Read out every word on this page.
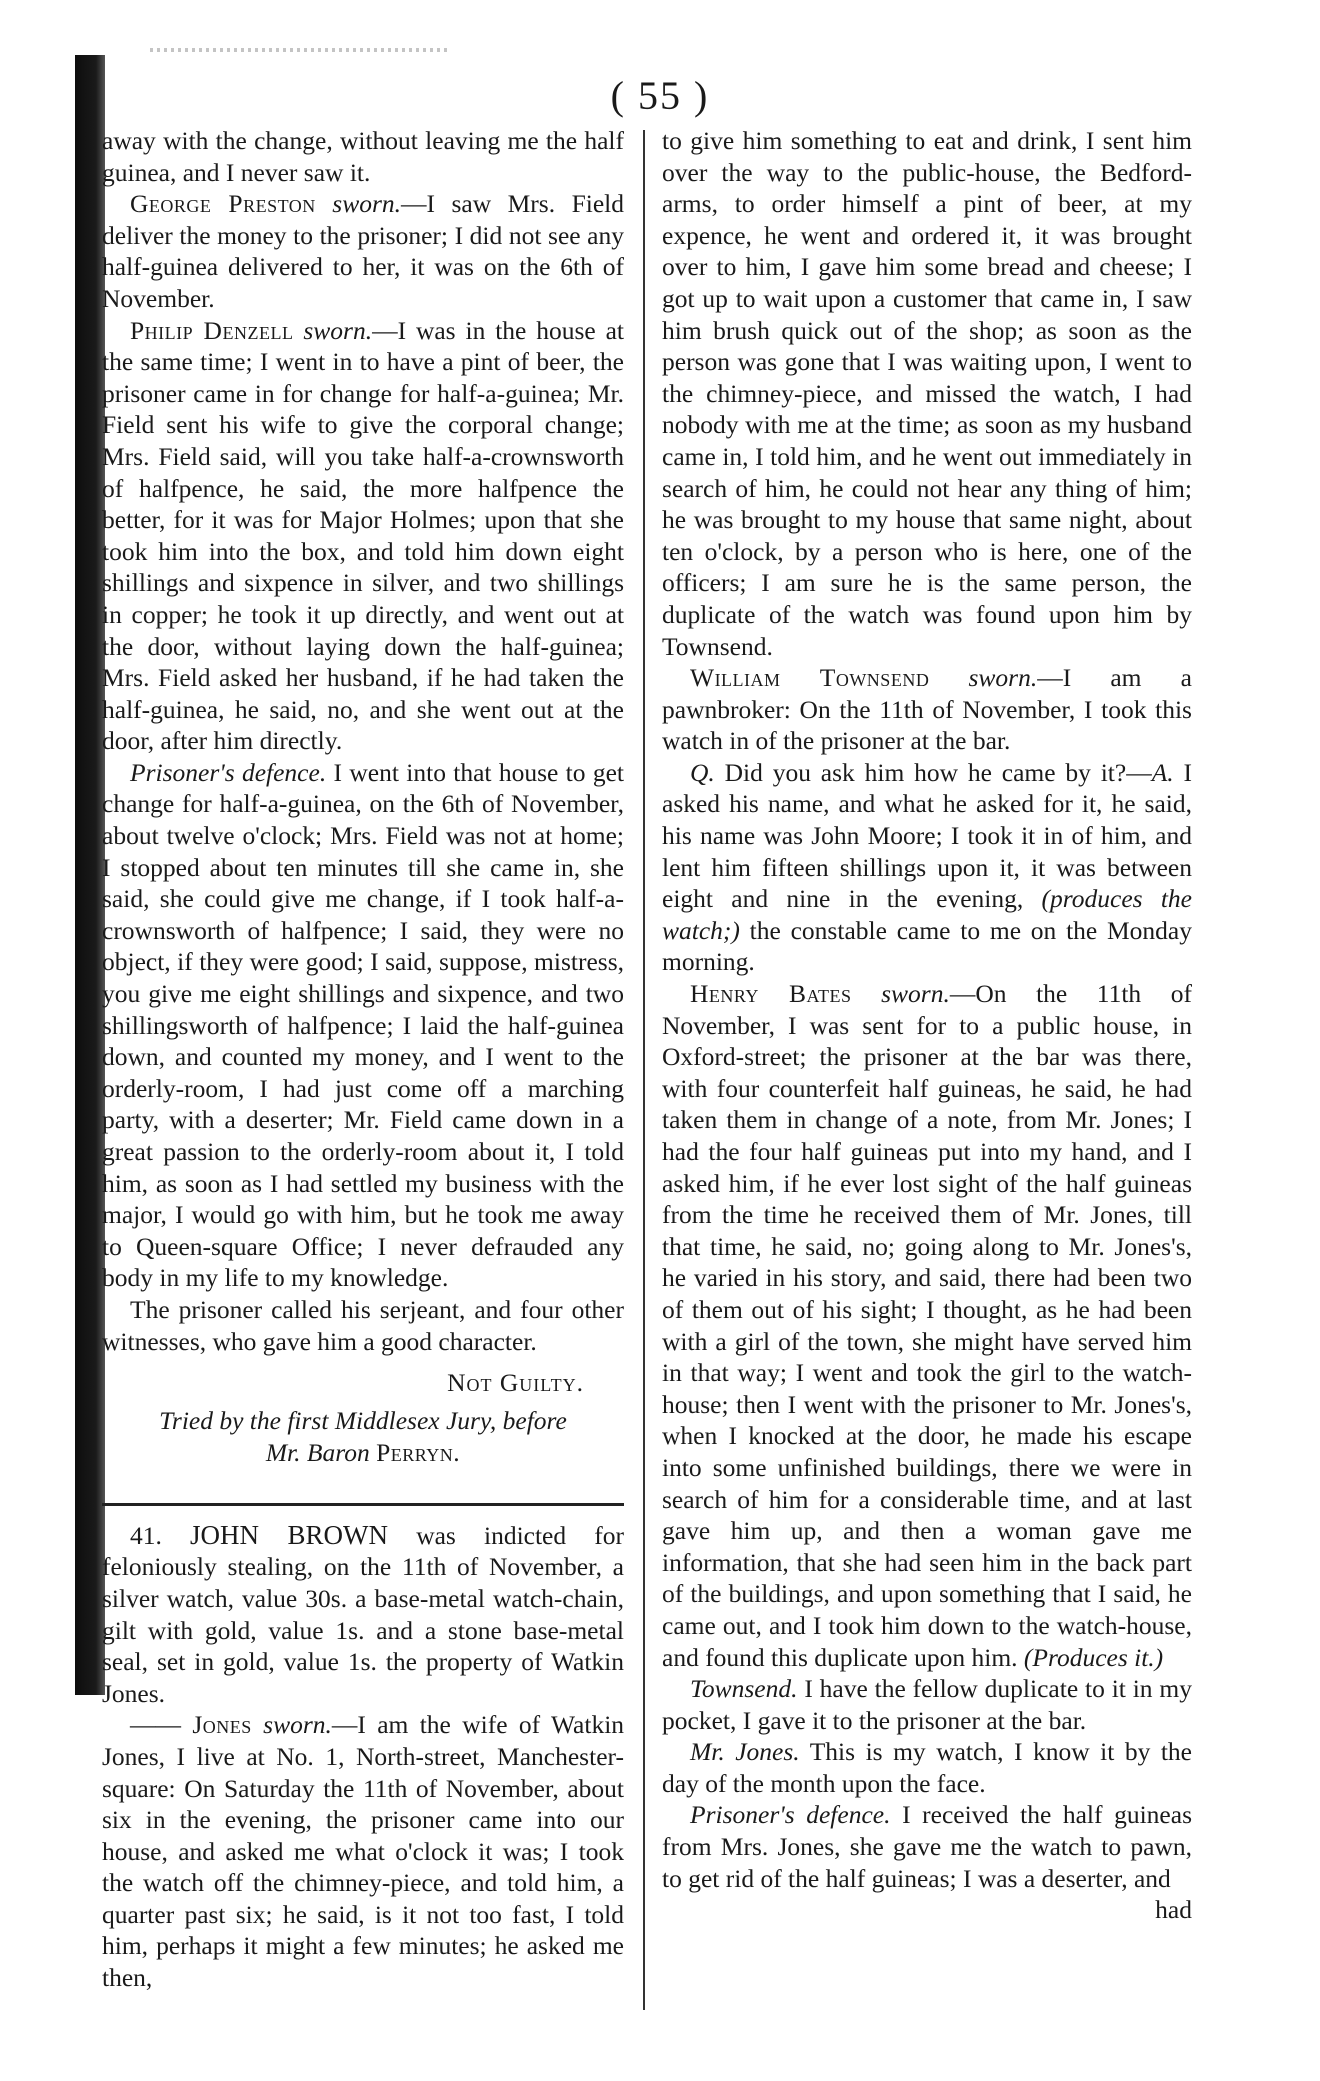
( 55 )

away with the change, without leaving me the half guinea, and I never saw it.

George Preston sworn.—I saw Mrs. Field deliver the money to the prisoner; I did not see any half-guinea delivered to her, it was on the 6th of November.

Philip Denzell sworn.—I was in the house at the same time; I went in to have a pint of beer, the prisoner came in for change for half-a-guinea; Mr. Field sent his wife to give the corporal change; Mrs. Field said, will you take half-a-crownsworth of halfpence, he said, the more halfpence the better, for it was for Major Holmes; upon that she took him into the box, and told him down eight shillings and sixpence in silver, and two shillings in copper; he took it up directly, and went out at the door, without laying down the half-guinea; Mrs. Field asked her husband, if he had taken the half-guinea, he said, no, and she went out at the door, after him directly.

Prisoner's defence. I went into that house to get change for half-a-guinea, on the 6th of November, about twelve o'clock; Mrs. Field was not at home; I stopped about ten minutes till she came in, she said, she could give me change, if I took half-a-crownsworth of halfpence; I said, they were no object, if they were good; I said, suppose, mistress, you give me eight shillings and sixpence, and two shillingsworth of halfpence; I laid the half-guinea down, and counted my money, and I went to the orderly-room, I had just come off a marching party, with a deserter; Mr. Field came down in a great passion to the orderly-room about it, I told him, as soon as I had settled my business with the major, I would go with him, but he took me away to Queen-square Office; I never defrauded any body in my life to my knowledge.

The prisoner called his serjeant, and four other witnesses, who gave him a good character.

Not Guilty.

Tried by the first Middlesex Jury, before
Mr. Baron Perryn.

41. JOHN BROWN was indicted for feloniously stealing, on the 11th of November, a silver watch, value 30s. a base-metal watch-chain, gilt with gold, value 1s. and a stone base-metal seal, set in gold, value 1s. the property of Watkin Jones.

—— Jones sworn.—I am the wife of Watkin Jones, I live at No. 1, North-street, Manchester-square: On Saturday the 11th of November, about six in the evening, the prisoner came into our house, and asked me what o'clock it was; I took the watch off the chimney-piece, and told him, a quarter past six; he said, is it not too fast, I told him, perhaps it might a few minutes; he asked me then,

to give him something to eat and drink, I sent him over the way to the public-house, the Bedford-arms, to order himself a pint of beer, at my expence, he went and ordered it, it was brought over to him, I gave him some bread and cheese; I got up to wait upon a customer that came in, I saw him brush quick out of the shop; as soon as the person was gone that I was waiting upon, I went to the chimney-piece, and missed the watch, I had nobody with me at the time; as soon as my husband came in, I told him, and he went out immediately in search of him, he could not hear any thing of him; he was brought to my house that same night, about ten o'clock, by a person who is here, one of the officers; I am sure he is the same person, the duplicate of the watch was found upon him by Townsend.

William Townsend sworn.—I am a pawnbroker: On the 11th of November, I took this watch in of the prisoner at the bar.

Q. Did you ask him how he came by it?—A. I asked his name, and what he asked for it, he said, his name was John Moore; I took it in of him, and lent him fifteen shillings upon it, it was between eight and nine in the evening, (produces the watch;) the constable came to me on the Monday morning.

Henry Bates sworn.—On the 11th of November, I was sent for to a public house, in Oxford-street; the prisoner at the bar was there, with four counterfeit half guineas, he said, he had taken them in change of a note, from Mr. Jones; I had the four half guineas put into my hand, and I asked him, if he ever lost sight of the half guineas from the time he received them of Mr. Jones, till that time, he said, no; going along to Mr. Jones's, he varied in his story, and said, there had been two of them out of his sight; I thought, as he had been with a girl of the town, she might have served him in that way; I went and took the girl to the watch-house; then I went with the prisoner to Mr. Jones's, when I knocked at the door, he made his escape into some unfinished buildings, there we were in search of him for a considerable time, and at last gave him up, and then a woman gave me information, that she had seen him in the back part of the buildings, and upon something that I said, he came out, and I took him down to the watch-house, and found this duplicate upon him. (Produces it.)

Townsend. I have the fellow duplicate to it in my pocket, I gave it to the prisoner at the bar.

Mr. Jones. This is my watch, I know it by the day of the month upon the face.

Prisoner's defence. I received the half guineas from Mrs. Jones, she gave me the watch to pawn, to get rid of the half guineas; I was a deserter, and

had
